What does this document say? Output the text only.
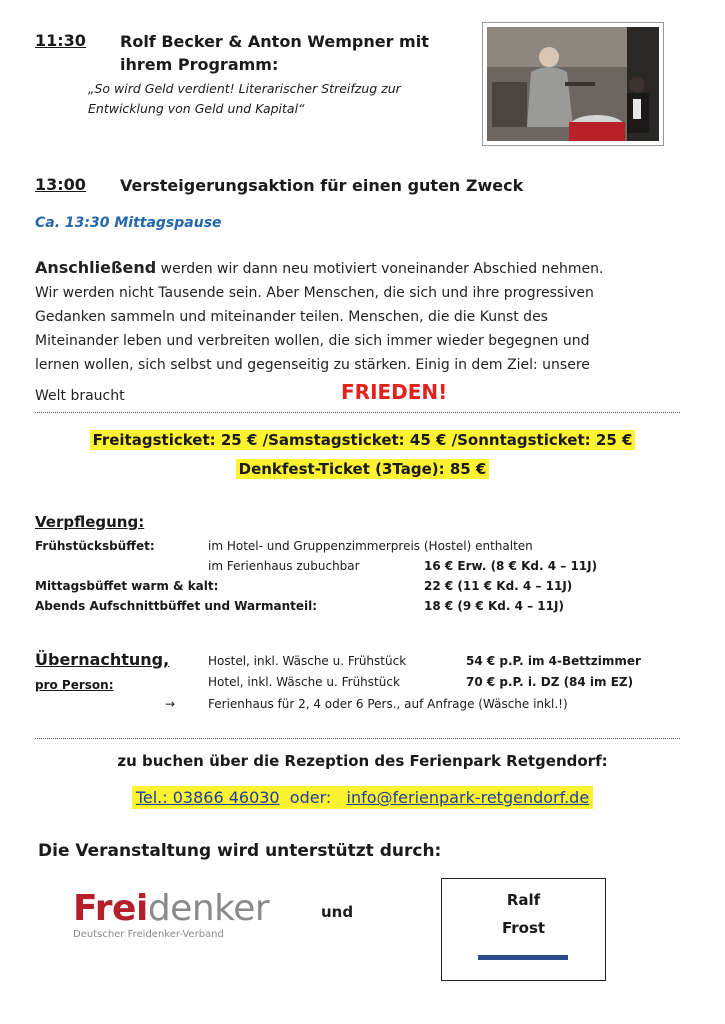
11:30 Rolf Becker & Anton Wempner mit
ihrem Programm:
„So wird Geld verdient! Literarischer Streifzug zur
Entwicklung von Geld und Kapital“
13:00 Versteigerungsaktion für einen guten Zweck
Ca. 13:30 Mittagspause
Anschließend werden wir dann neu motiviert voneinander Abschied nehmen.
Wir werden nicht Tausende sein. Aber Menschen, die sich und ihre progressiven
Gedanken sammeln und miteinander teilen. Menschen, die die Kunst des
Miteinander leben und verbreiten wollen, die sich immer wieder begegnen und
lernen wollen, sich selbst und gegenseitig zu stärken. Einig in dem Ziel: unsere
Welt braucht	FRIEDEN!
Freitagsticket: 25 € /Samstagsticket: 45 € /Sonntagsticket: 25 €
Denkfest-Ticket (3Tage): 85 €
Verpflegung:
Frühstücksbüffet:	im Hotel- und Gruppenzimmerpreis (Hostel) enthalten
im Ferienhaus zubuchbar	16 € Erw. (8 € Kd. 4 – 11J)
Mittagsbüffet warm & kalt:	22 € (11 € Kd. 4 – 11J)
Abends Aufschnittbüffet und Warmanteil:	18 € (9 € Kd. 4 – 11J)
Übernachtung,
pro Person:
Hostel, inkl. Wäsche u. Frühstück	54 € p.P. im 4-Bettzimmer
Hotel, inkl. Wäsche u. Frühstück	70 € p.P. i. DZ (84 im EZ)
→	Ferienhaus für 2, 4 oder 6 Pers., auf Anfrage (Wäsche inkl.!)
zu buchen über die Rezeption des Ferienpark Retgendorf:
Tel.: 03866 46030 oder: info@ferienpark-retgendorf.de
Die Veranstaltung wird unterstützt durch:
Freidenker
Deutscher Freidenker-Verband
und
Ralf
Frost
